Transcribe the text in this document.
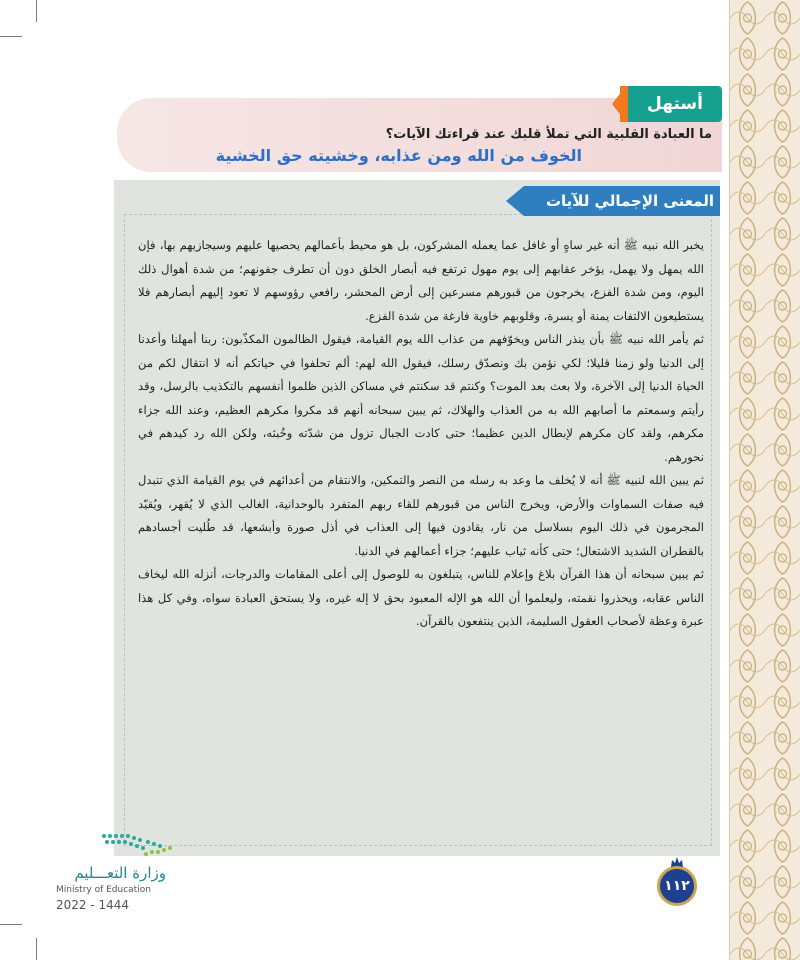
أستهل
ما العبادة القلبية التي تملأ قلبك عند قراءتك الآيات؟
الخوف من الله ومن عذابه، وخشيته حق الخشية
المعنى الإجمالي للآيات

يخبر الله نبيه ﷺ أنه غير ساهٍ أو غافل عما يعمله المشركون، بل هو محيط بأعمالهم يحصيها عليهم وسيجازيهم بها، فإن الله يمهل ولا يهمل، يؤخر عقابهم إلى يوم مهول ترتفع فيه أبصار الخلق دون أن تطرف جفونهم؛ من شدة أهوال ذلك اليوم، ومن شدة الفزع، يخرجون من قبورهم مسرعين إلى أرض المحشر، رافعي رؤوسهم لا تعود إليهم أبصارهم فلا يستطيعون الالتفات يمنة أو يسرة، وقلوبهم خاوية فارغة من شدة الفزع.

ثم يأمر الله نبيه ﷺ بأن ينذر الناس ويخوّفهم من عذاب الله يوم القيامة، فيقول الظالمون المكذّبون: ربنا أمهلنا وأعدنا إلى الدنيا ولو زمنا قليلا؛ لكي نؤمن بك ونصدّق رسلك، فيقول الله لهم: ألم تحلفوا في حياتكم أنه لا انتقال لكم من الحياة الدنيا إلى الآخرة، ولا بعث بعد الموت؟ وكنتم قد سكنتم في مساكن الذين ظلموا أنفسهم بالتكذيب بالرسل، وقد رأيتم وسمعتم ما أصابهم الله به من العذاب والهلاك، ثم يبين سبحانه أنهم قد مكروا مكرهم العظيم، وعند الله جزاء مكرهم، ولقد كان مكرهم لإبطال الدين عظيما؛ حتى كادت الجبال تزول من شدّته وخُبثه، ولكن الله رد كيدهم في نحورهم.

ثم يبين الله لنبيه ﷺ أنه لا يُخلف ما وعد به رسله من النصر والتمكين، والانتقام من أعدائهم في يوم القيامة الذي تتبدل فيه صفات السماوات والأرض، ويخرج الناس من قبورهم للقاء ربهم المتفرد بالوحدانية، الغالب الذي لا يُقهر، ويُقيّد المجرمون في ذلك اليوم بسلاسل من نار، يقادون فيها إلى العذاب في أذل صورة وأبشعها، قد طُليت أجسادهم بالقطران الشديد الاشتعال؛ حتى كأنه ثياب عليهم؛ جزاء أعمالهم في الدنيا.

ثم يبين سبحانه أن هذا القرآن بلاغ وإعلام للناس، يتبلغون به للوصول إلى أعلى المقامات والدرجات، أنزله الله ليخاف الناس عقابه، ويحذروا نقمته، وليعلموا أن الله هو الإله المعبود بحق لا إله غيره، ولا يستحق العبادة سواه، وفي كل هذا عبرة وعظة لأصحاب العقول السليمة، الذين ينتفعون بالقرآن.

وزارة التعـــليم
Ministry of Education
2022 - 1444
١١٢
